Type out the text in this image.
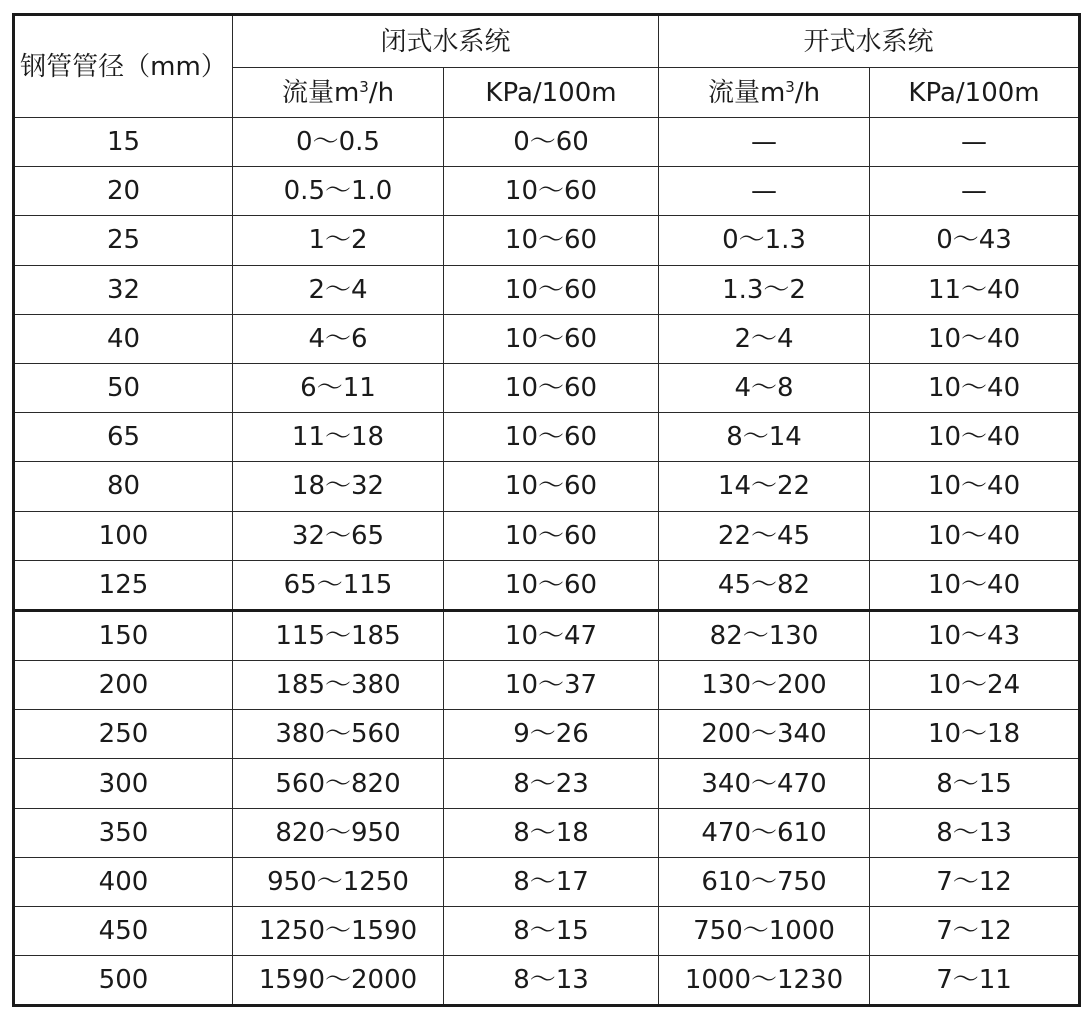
钢管管径（mm）	闭式水系统		开式水系统	
	流量$m^3/h$	KPa/100m	流量$m^3/h$	KPa/100m
15	0～0.5	0～60	—	—
20	0.5～1.0	10～60	—	—
25	1～2	10～60	0～1.3	0～43
32	2～4	10～60	1.3～2	11～40
40	4～6	10～60	2～4	10～40
50	6～11	10～60	4～8	10～40
65	11～18	10～60	8～14	10～40
80	18～32	10～60	14～22	10～40
100	32～65	10～60	22～45	10～40
125	65～115	10～60	45～82	10～40
150	115～185	10～47	82～130	10～43
200	185～380	10～37	130～200	10～24
250	380～560	9～26	200～340	10～18
300	560～820	8～23	340～470	8～15
350	820～950	8～18	470～610	8～13
400	950～1250	8～17	610～750	7～12
450	1250～1590	8～15	750～1000	7～12
500	1590～2000	8～13	1000～1230	7～11
